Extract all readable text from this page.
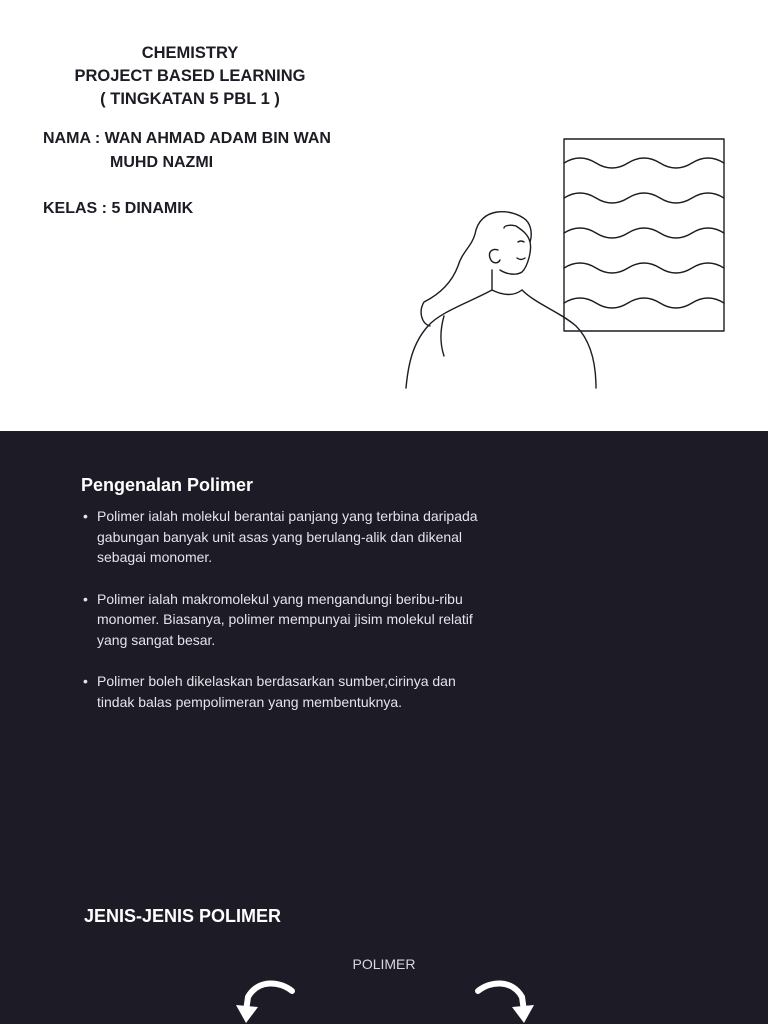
CHEMISTRY
PROJECT BASED LEARNING
( TINGKATAN 5 PBL 1 )
NAMA : WAN AHMAD ADAM BIN WAN
MUHD NAZMI
KELAS : 5 DINAMIK
Pengenalan Polimer
• Polimer ialah molekul berantai panjang yang terbina daripada gabungan banyak unit asas yang berulang-alik dan dikenal sebagai monomer.
• Polimer ialah makromolekul yang mengandungi beribu-ribu monomer. Biasanya, polimer mempunyai jisim molekul relatif yang sangat besar.
• Polimer boleh dikelaskan berdasarkan sumber,cirinya dan tindak balas pempolimeran yang membentuknya.
JENIS-JENIS POLIMER
POLIMER
